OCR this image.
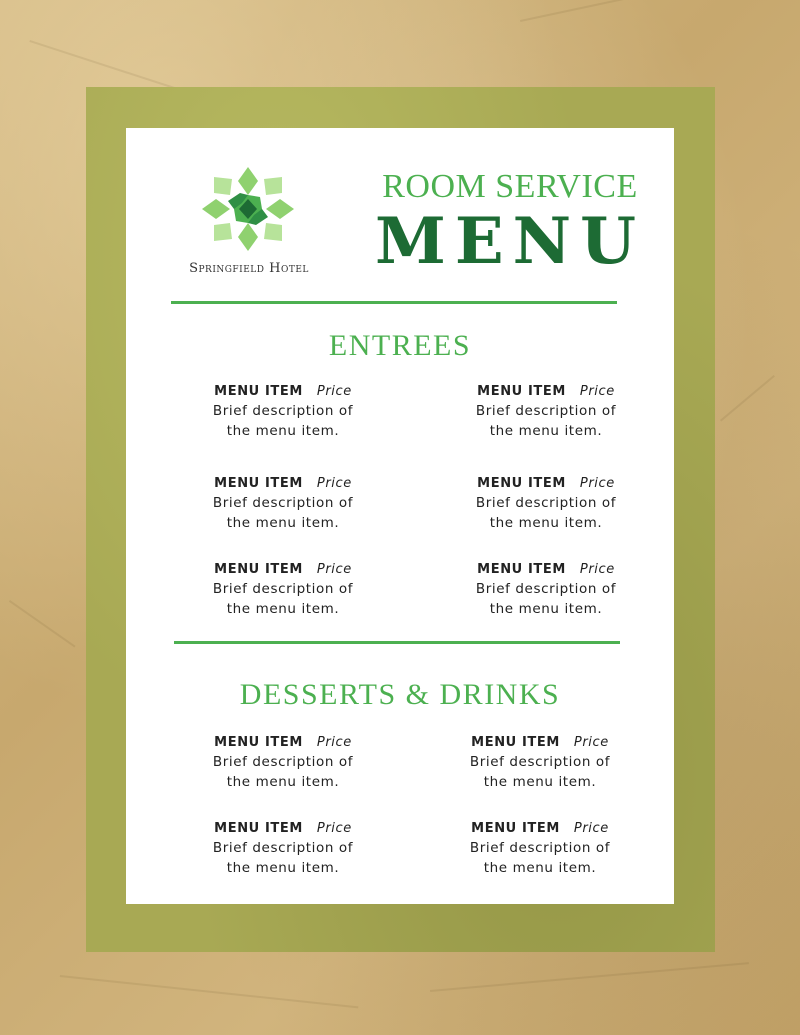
Springfield Hotel
ROOM SERVICE
MENU
ENTREES
MENU ITEM Price
Brief description of
the menu item.
MENU ITEM Price
Brief description of
the menu item.
MENU ITEM Price
Brief description of
the menu item.
MENU ITEM Price
Brief description of
the menu item.
MENU ITEM Price
Brief description of
the menu item.
MENU ITEM Price
Brief description of
the menu item.
DESSERTS & DRINKS
MENU ITEM Price
Brief description of
the menu item.
MENU ITEM Price
Brief description of
the menu item.
MENU ITEM Price
Brief description of
the menu item.
MENU ITEM Price
Brief description of
the menu item.
